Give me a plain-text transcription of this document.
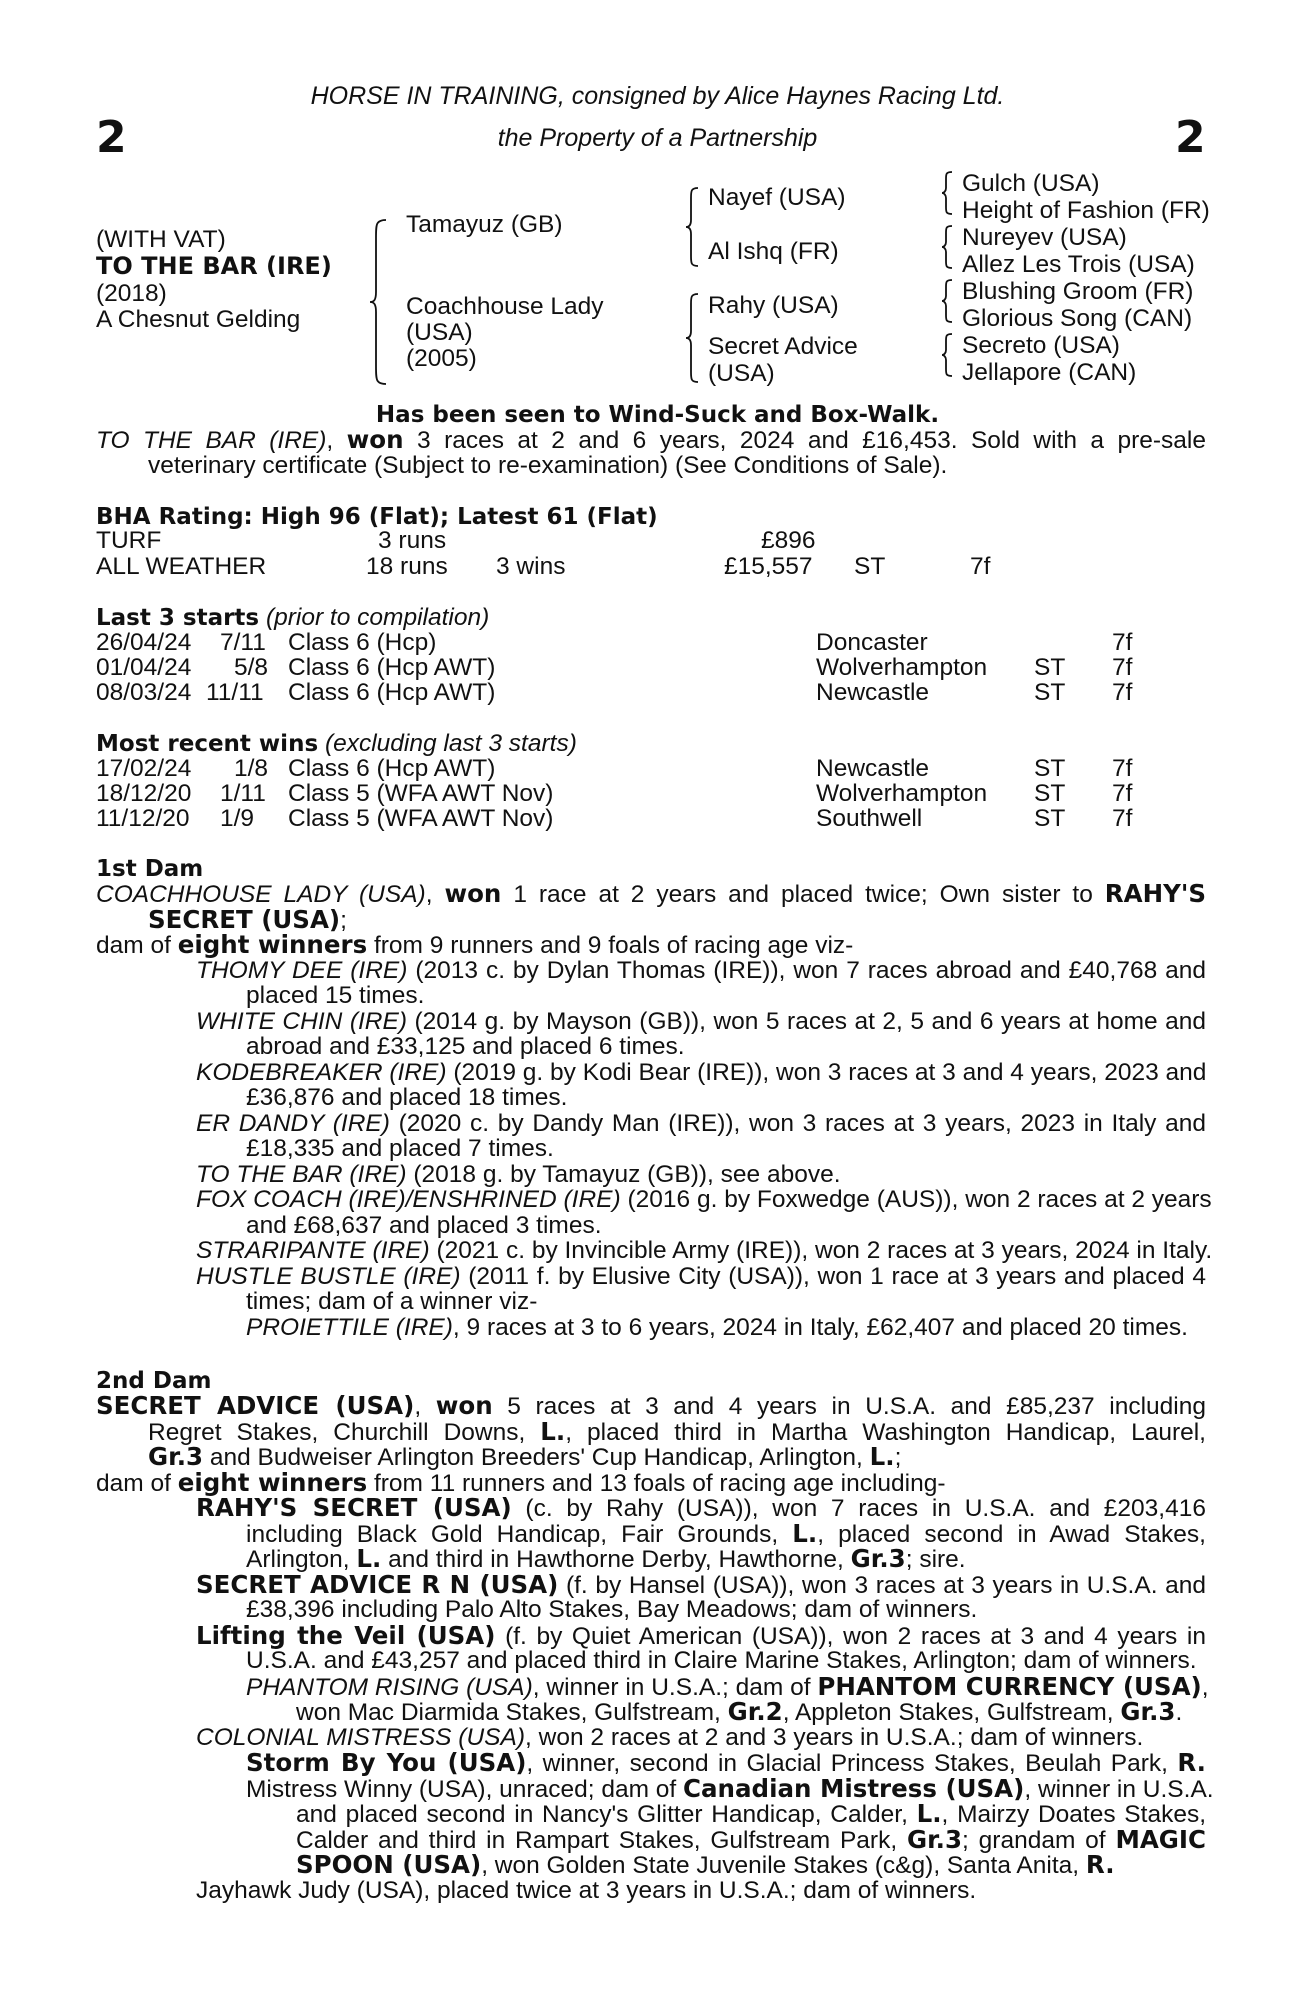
2	2
HORSE IN TRAINING, consigned by Alice Haynes Racing Ltd.
the Property of a Partnership
(WITH VAT)
TO THE BAR (IRE)
(2018)
A Chesnut Gelding
Tamayuz (GB)
Coachhouse Lady
(USA)
(2005)
Nayef (USA)
Al Ishq (FR)
Rahy (USA)
Secret Advice
(USA)
Gulch (USA)
Height of Fashion (FR)
Nureyev (USA)
Allez Les Trois (USA)
Blushing Groom (FR)
Glorious Song (CAN)
Secreto (USA)
Jellapore (CAN)
Has been seen to Wind-Suck and Box-Walk.
TO THE BAR (IRE), won 3 races at 2 and 6 years, 2024 and £16,453. Sold with a pre-sale
veterinary certificate (Subject to re-examination) (See Conditions of Sale).
BHA Rating: High 96 (Flat); Latest 61 (Flat)
TURF	3 runs	£896
ALL WEATHER	18 runs 3 wins	£15,557 ST	7f
Last 3 starts (prior to compilation)
26/04/24 7/11 Class 6 (Hcp)	Doncaster	7f
01/04/24 5/8 Class 6 (Hcp AWT)	Wolverhampton ST 7f
08/03/24 11/11 Class 6 (Hcp AWT)	Newcastle	ST 7f
Most recent wins (excluding last 3 starts)
17/02/24 1/8 Class 6 (Hcp AWT)	Newcastle	ST 7f
18/12/20 1/11 Class 5 (WFA AWT Nov)	Wolverhampton ST 7f
11/12/20 1/9 Class 5 (WFA AWT Nov)	Southwell	ST 7f
1st Dam
COACHHOUSE LADY (USA), won 1 race at 2 years and placed twice; Own sister to RAHY'S
SECRET (USA);
dam of eight winners from 9 runners and 9 foals of racing age viz-
THOMY DEE (IRE) (2013 c. by Dylan Thomas (IRE)), won 7 races abroad and £40,768 and
placed 15 times.
WHITE CHIN (IRE) (2014 g. by Mayson (GB)), won 5 races at 2, 5 and 6 years at home and
abroad and £33,125 and placed 6 times.
KODEBREAKER (IRE) (2019 g. by Kodi Bear (IRE)), won 3 races at 3 and 4 years, 2023 and
£36,876 and placed 18 times.
ER DANDY (IRE) (2020 c. by Dandy Man (IRE)), won 3 races at 3 years, 2023 in Italy and
£18,335 and placed 7 times.
TO THE BAR (IRE) (2018 g. by Tamayuz (GB)), see above.
FOX COACH (IRE)/ENSHRINED (IRE) (2016 g. by Foxwedge (AUS)), won 2 races at 2 years
and £68,637 and placed 3 times.
STRARIPANTE (IRE) (2021 c. by Invincible Army (IRE)), won 2 races at 3 years, 2024 in Italy.
HUSTLE BUSTLE (IRE) (2011 f. by Elusive City (USA)), won 1 race at 3 years and placed 4
times; dam of a winner viz-
PROIETTILE (IRE), 9 races at 3 to 6 years, 2024 in Italy, £62,407 and placed 20 times.
2nd Dam
SECRET ADVICE (USA), won 5 races at 3 and 4 years in U.S.A. and £85,237 including
Regret Stakes, Churchill Downs, L., placed third in Martha Washington Handicap, Laurel,
Gr.3 and Budweiser Arlington Breeders' Cup Handicap, Arlington, L.;
dam of eight winners from 11 runners and 13 foals of racing age including-
RAHY'S SECRET (USA) (c. by Rahy (USA)), won 7 races in U.S.A. and £203,416
including Black Gold Handicap, Fair Grounds, L., placed second in Awad Stakes,
Arlington, L. and third in Hawthorne Derby, Hawthorne, Gr.3; sire.
SECRET ADVICE R N (USA) (f. by Hansel (USA)), won 3 races at 3 years in U.S.A. and
£38,396 including Palo Alto Stakes, Bay Meadows; dam of winners.
Lifting the Veil (USA) (f. by Quiet American (USA)), won 2 races at 3 and 4 years in
U.S.A. and £43,257 and placed third in Claire Marine Stakes, Arlington; dam of winners.
PHANTOM RISING (USA), winner in U.S.A.; dam of PHANTOM CURRENCY (USA),
won Mac Diarmida Stakes, Gulfstream, Gr.2, Appleton Stakes, Gulfstream, Gr.3.
COLONIAL MISTRESS (USA), won 2 races at 2 and 3 years in U.S.A.; dam of winners.
Storm By You (USA), winner, second in Glacial Princess Stakes, Beulah Park, R.
Mistress Winny (USA), unraced; dam of Canadian Mistress (USA), winner in U.S.A.
and placed second in Nancy's Glitter Handicap, Calder, L., Mairzy Doates Stakes,
Calder and third in Rampart Stakes, Gulfstream Park, Gr.3; grandam of MAGIC
SPOON (USA), won Golden State Juvenile Stakes (c&g), Santa Anita, R.
Jayhawk Judy (USA), placed twice at 3 years in U.S.A.; dam of winners.
